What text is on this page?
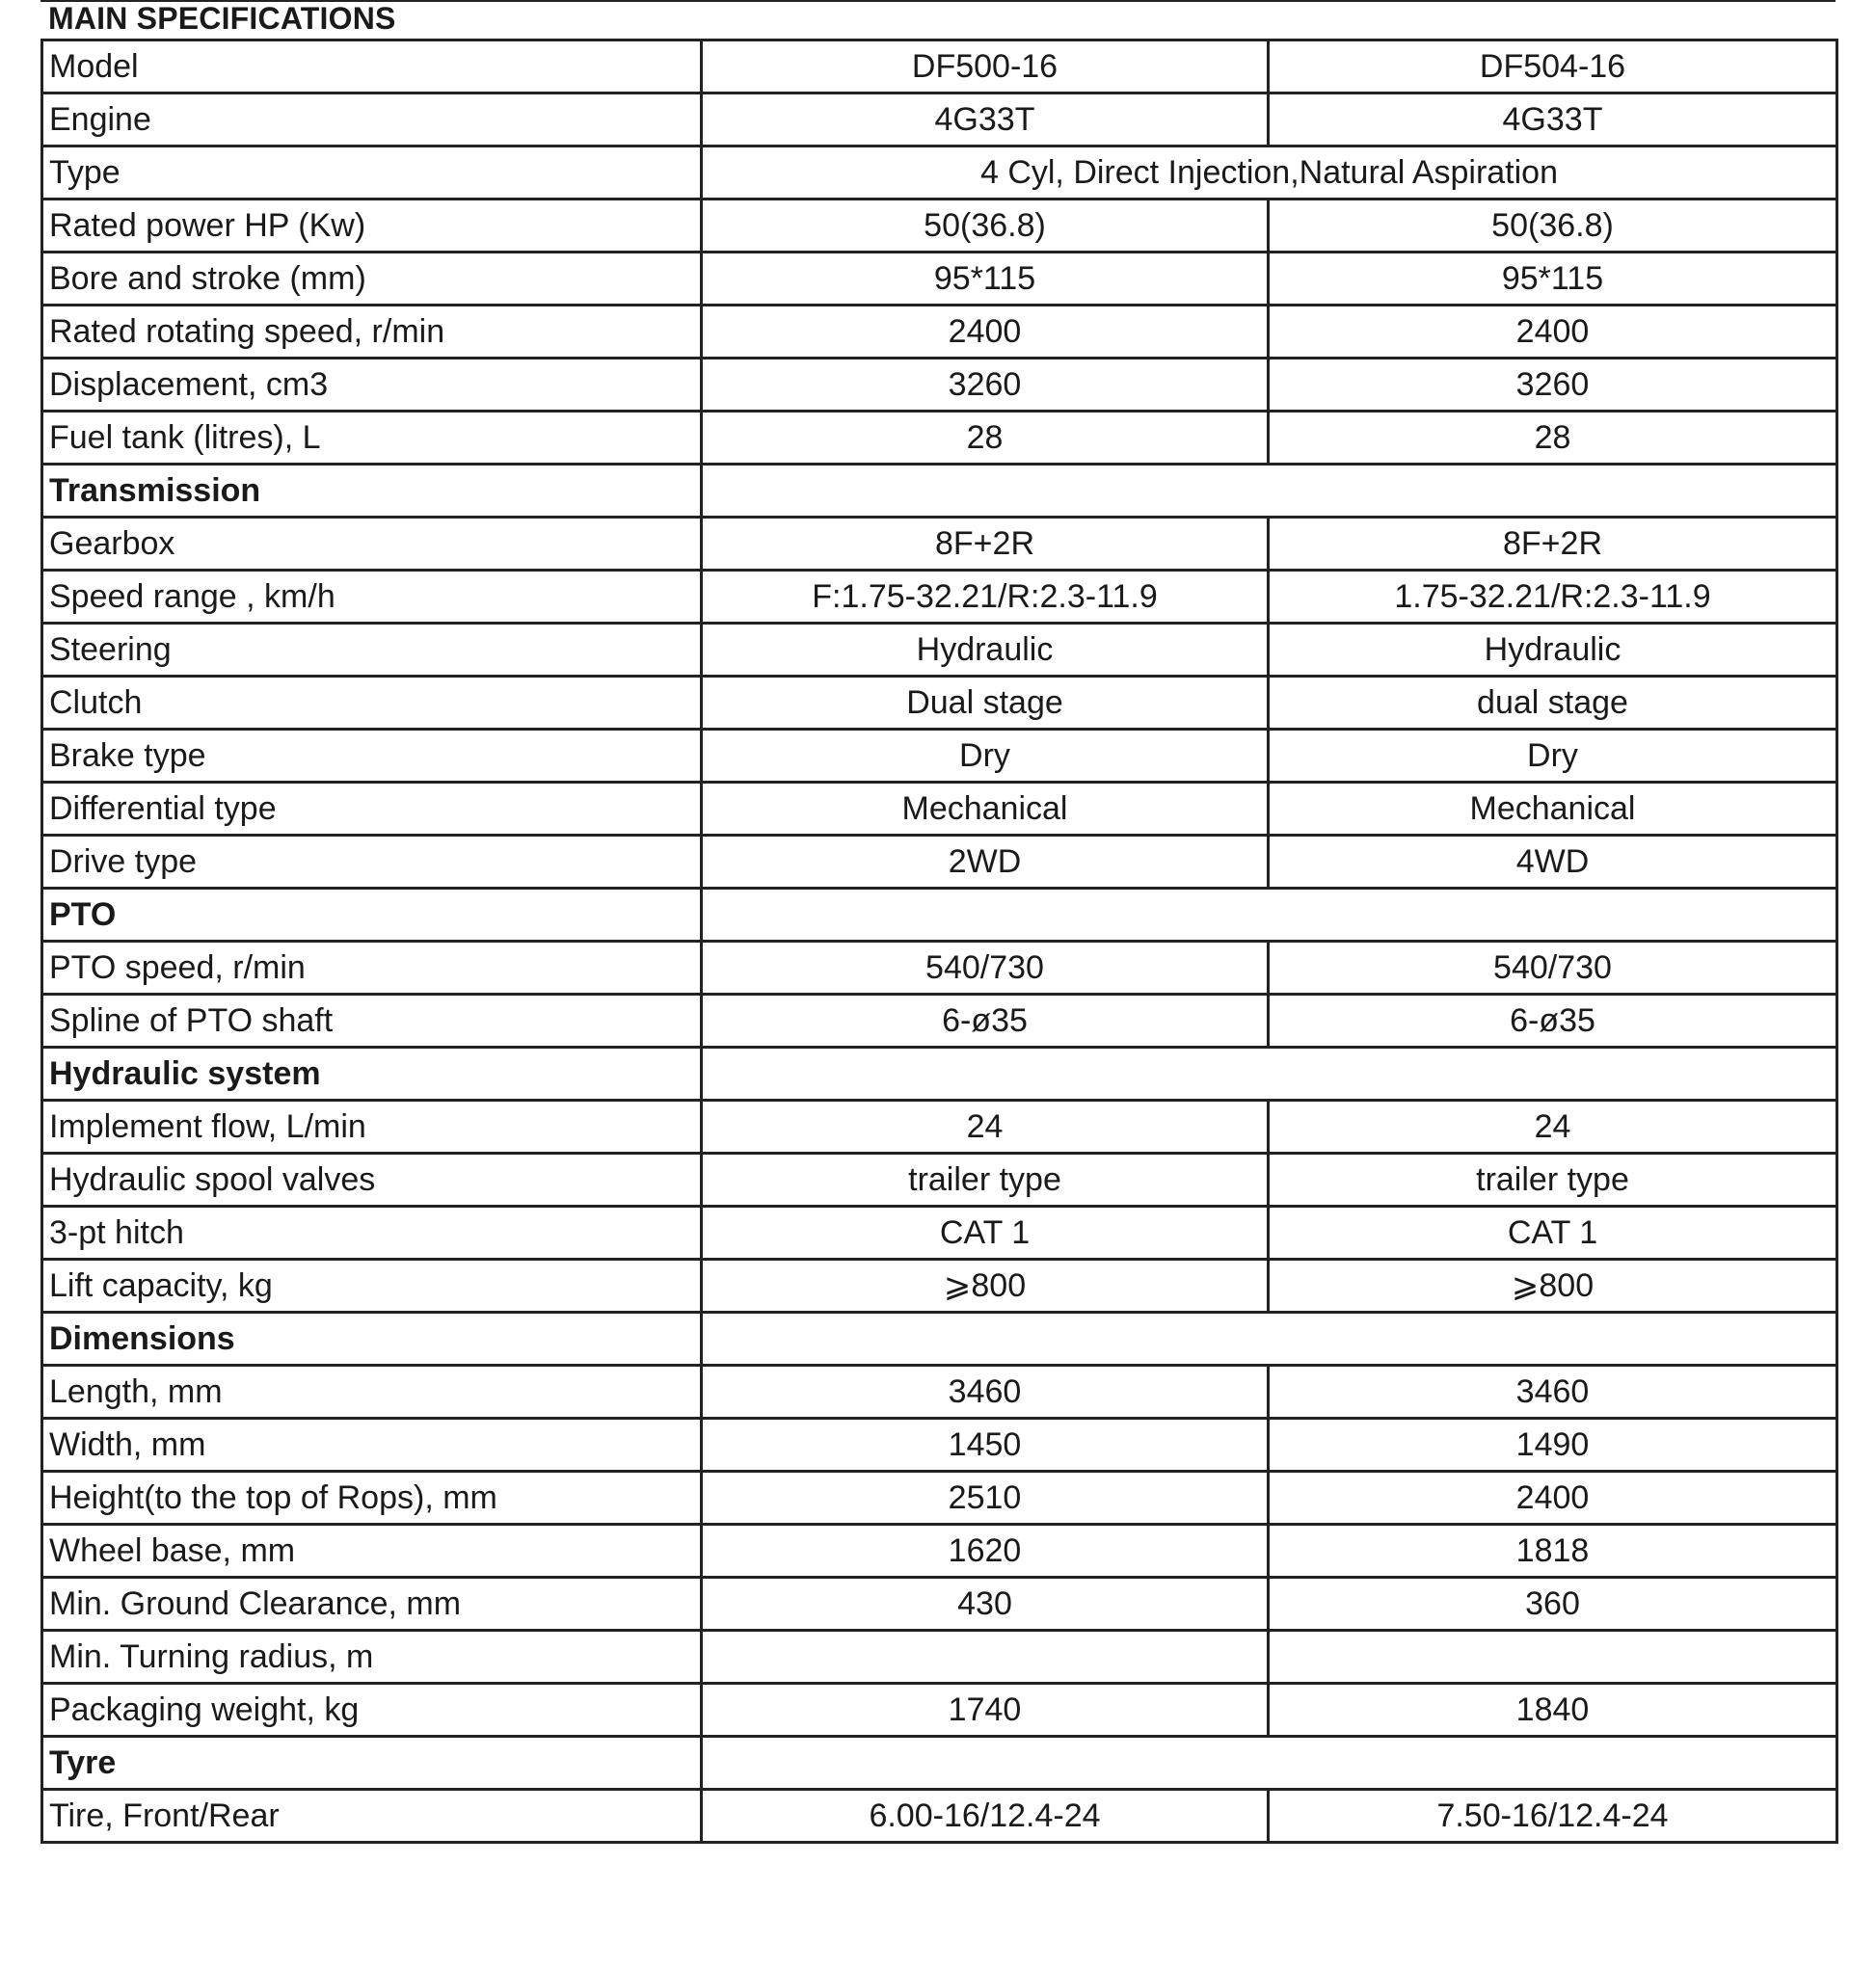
MAIN SPECIFICATIONS
Model	DF500-16	DF504-16
Engine	4G33T	4G33T
Type	4 Cyl, Direct Injection,Natural Aspiration	
Rated power HP (Kw)	50(36.8)	50(36.8)
Bore and stroke (mm)	95*115	95*115
Rated rotating speed, r/min	2400	2400
Displacement, cm3	3260	3260
Fuel tank (litres), L	28	28
Transmission		
Gearbox	8F+2R	8F+2R
Speed range , km/h	F:1.75-32.21/R:2.3-11.9	1.75-32.21/R:2.3-11.9
Steering	Hydraulic	Hydraulic
Clutch	Dual stage	dual stage
Brake type	Dry	Dry
Differential type	Mechanical	Mechanical
Drive type	2WD	4WD
PTO		
PTO speed, r/min	540/730	540/730
Spline of PTO shaft	6-ø35	6-ø35
Hydraulic system		
Implement flow, L/min	24	24
Hydraulic spool valves	trailer type	trailer type
3-pt hitch	CAT 1	CAT 1
Lift capacity, kg	⩾800	⩾800
Dimensions		
Length, mm	3460	3460
Width, mm	1450	1490
Height(to the top of Rops), mm	2510	2400
Wheel base, mm	1620	1818
Min. Ground Clearance, mm	430	360
Min. Turning radius, m		
Packaging weight, kg	1740	1840
Tyre		
Tire, Front/Rear	6.00-16/12.4-24	7.50-16/12.4-24
